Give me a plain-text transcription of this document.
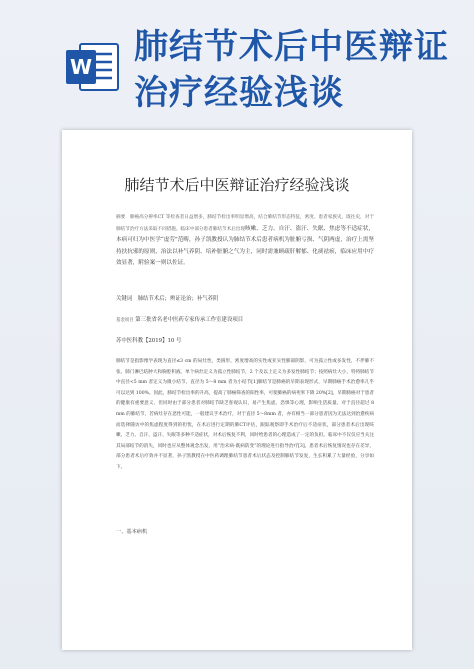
W 肺结节术后中医辩证治疗经验浅谈
肺结节术后中医辩证治疗经验浅谈
摘要　肺癌高分辨率CT 等检查者日益增多，肺结节检出率明显增高，结合肺结节形态特征，密度、患者家族史、既往史，对于肺结节治疗方法采取不同措施。临床中部分患者肺结节术后出现咳嗽、乏力、自汗、盗汗、失眠、焦虑等不适症状，本病可归为中医学“虚劳”范畴，孙子凯教授认为肺结节术后患者病机为脏腑亏损、气阴两虚，治疗上需坚持扶抗邪的原则，治法以补气养阴、培补脏腑之气为主，同时需兼顾疏肝解郁、化痰祛瘀，临床应用中疗效显著，附验案一则以佐证。
关键词　肺结节术后；辨证论治；补气养阴
基金项目 第三批省名老中医药专家传承工作室建设项目
苏中医科教【2019】10 号
肺结节是指影像学表现为直径≤3 cm 的局灶性、类圆形、密度增高的实性或亚实性肺部阴影，可为孤立性或多发性，不伴肺不张、肺门淋巴结肿大和胸腔积液。单个病灶定义为孤立性肺结节，2 个及以上定义为多发性肺结节；按照病灶大小，特将肺结节中直径<5 mm 者定义为微小结节，直径为 5～8 mm 者为小结节[1]肺结节是肺癌的早期表现形式，早期肺癌手术治愈率几乎可以达到 100%。因此，肺结节检出率的升高，提高了肺癌筛查的阳性率，可使肺癌的病死率下降 20%[2]。早期肺癌对于患者的健康有重要意义，但同时由于部分患者对肺结节缺乏客观认识，易产生焦虑、恐惧等心理，影响生活质量。对于直径超过 8 mm 的肺结节，若病灶存在恶性可能，一般建议手术治疗，对于直径 5～8mm 者，亦有相当一部分患者因为无法达到治愈疾病而选择随访中的焦虑程度得到的担忧，在术后进行定期的肺CT评估，跟踪观察即手术治疗后不适症状，部分患者术后出现咳嗽、乏力、自汗、盗汗、失眠等多种不适症状，对术后恢复不利，同时给患者的心理造成了一定的负担。临床中不仅仅应当关注其局部结节的消失，同时也应从整体观念出发，用“治未病-既病防变”的理论进行指导治疗[3]。患者术后恢复情况也存在差异，部分患者术后疗效并不显著，孙子凯教授在中医药调理肺结节患者术后状态及控制肺结节发复，生长积累了大量经验，分享如下。
一、基本病机
